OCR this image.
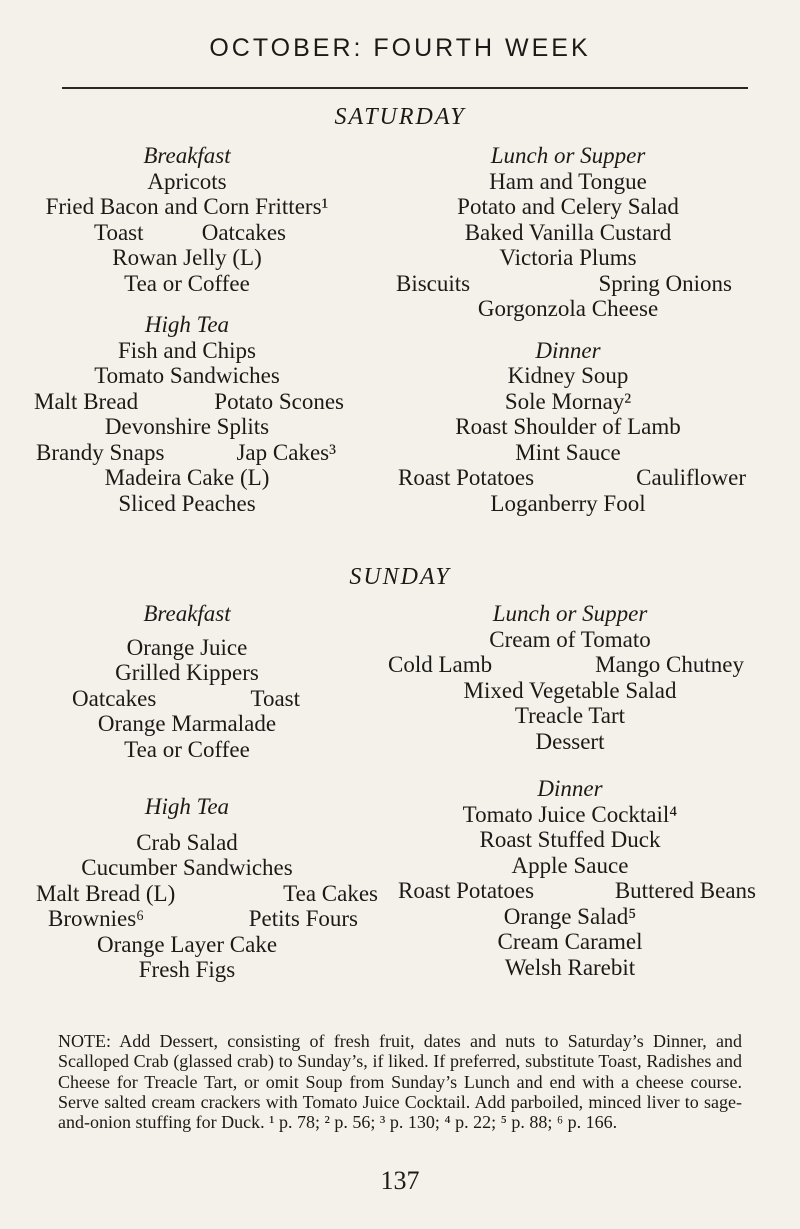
OCTOBER: FOURTH WEEK
SATURDAY
Breakfast
Apricots
Fried Bacon and Corn Fritters¹
Toast	Oatcakes
Rowan Jelly (L)
Tea or Coffee
High Tea
Fish and Chips
Tomato Sandwiches
Malt Bread	Potato Scones
Devonshire Splits
Brandy Snaps	Jap Cakes³
Madeira Cake (L)
Sliced Peaches
Lunch or Supper
Ham and Tongue
Potato and Celery Salad
Baked Vanilla Custard
Victoria Plums
Biscuits	Spring Onions
Gorgonzola Cheese
Dinner
Kidney Soup
Sole Mornay²
Roast Shoulder of Lamb
Mint Sauce
Roast Potatoes	Cauliflower
Loganberry Fool
SUNDAY
Breakfast
Orange Juice
Grilled Kippers
Oatcakes	Toast
Orange Marmalade
Tea or Coffee
High Tea
Crab Salad
Cucumber Sandwiches
Malt Bread (L)	Tea Cakes
Brownies⁶	Petits Fours
Orange Layer Cake
Fresh Figs
Lunch or Supper
Cream of Tomato
Cold Lamb	Mango Chutney
Mixed Vegetable Salad
Treacle Tart
Dessert
Dinner
Tomato Juice Cocktail⁴
Roast Stuffed Duck
Apple Sauce
Roast Potatoes	Buttered Beans
Orange Salad⁵
Cream Caramel
Welsh Rarebit
NOTE: Add Dessert, consisting of fresh fruit, dates and nuts to Saturday’s Dinner, and Scalloped Crab (glassed crab) to Sunday’s, if liked. If preferred, substitute Toast, Radishes and Cheese for Treacle Tart, or omit Soup from Sunday’s Lunch and end with a cheese course. Serve salted cream crackers with Tomato Juice Cocktail. Add parboiled, minced liver to sage-and-onion stuffing for Duck. ¹ p. 78; ² p. 56; ³ p. 130; ⁴ p. 22; ⁵ p. 88; ⁶ p. 166.
137
